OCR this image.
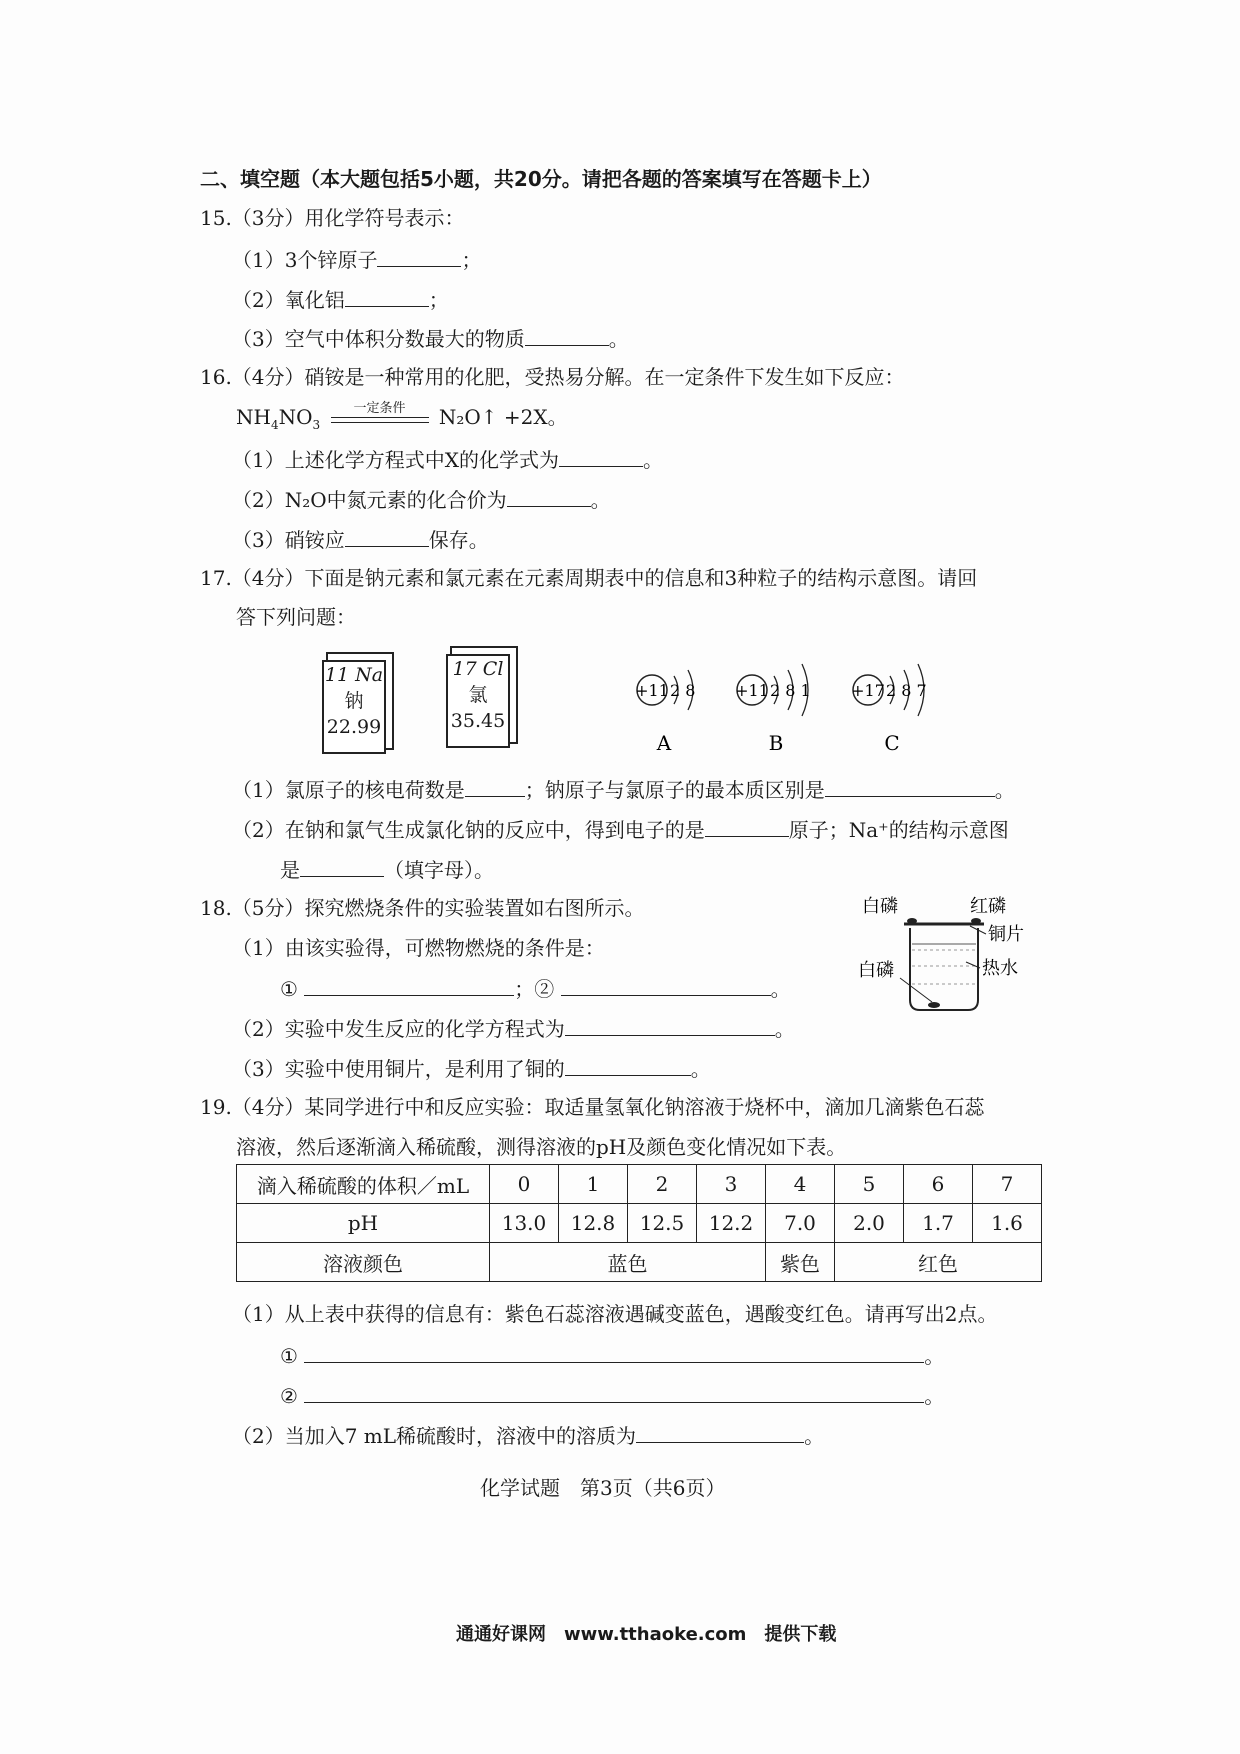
二、填空题（本大题包括5小题，共20分。请把各题的答案填写在答题卡上）
15.（3分）用化学符号表示：
（1）3个锌原子	；
（2）氧化铝	；
（3）空气中体积分数最大的物质	。
16.（4分）硝铵是一种常用的化肥，受热易分解。在一定条件下发生如下反应：
$NH_4NO_3$
一定条件	N₂O↑ +2X。
（1）上述化学方程式中X的化学式为	。
（2）N₂O中氮元素的化合价为	。
（3）硝铵应	保存。
17.（4分）下面是钠元素和氯元素在元素周期表中的信息和3种粒子的结构示意图。请回
答下列问题：
11 Na
钠
22.99
17 Cl
氯
35.45
+11 2 8
A
+11 2 8 1
B
+17 2 8 7
C
（1）氯原子的核电荷数是	；钠原子与氯原子的最本质区别是	。
（2）在钠和氯气生成氯化钠的反应中，得到电子的是	原子；Na⁺的结构示意图
是	（填字母）。
18.（5分）探究燃烧条件的实验装置如右图所示。
（1）由该实验得，可燃物燃烧的条件是：
①	；②	。
（2）实验中发生反应的化学方程式为	。
（3）实验中使用铜片，是利用了铜的	。
白磷	红磷
铜片
白磷	热水
19.（4分）某同学进行中和反应实验：取适量氢氧化钠溶液于烧杯中，滴加几滴紫色石蕊
溶液，然后逐渐滴入稀硫酸，测得溶液的pH及颜色变化情况如下表。
滴入稀硫酸的体积／mL	0	1	2	3	4	5	6	7
pH	13.0	12.8	12.5	12.2	7.0	2.0	1.7	1.6
溶液颜色	蓝色				紫色	红色		
（1）从上表中获得的信息有：紫色石蕊溶液遇碱变蓝色，遇酸变红色。请再写出2点。
①	。
②	。
（2）当加入7 mL稀硫酸时，溶液中的溶质为	。
化学试题　第3页（共6页）
通通好课网　www.tthaoke.com　提供下载
